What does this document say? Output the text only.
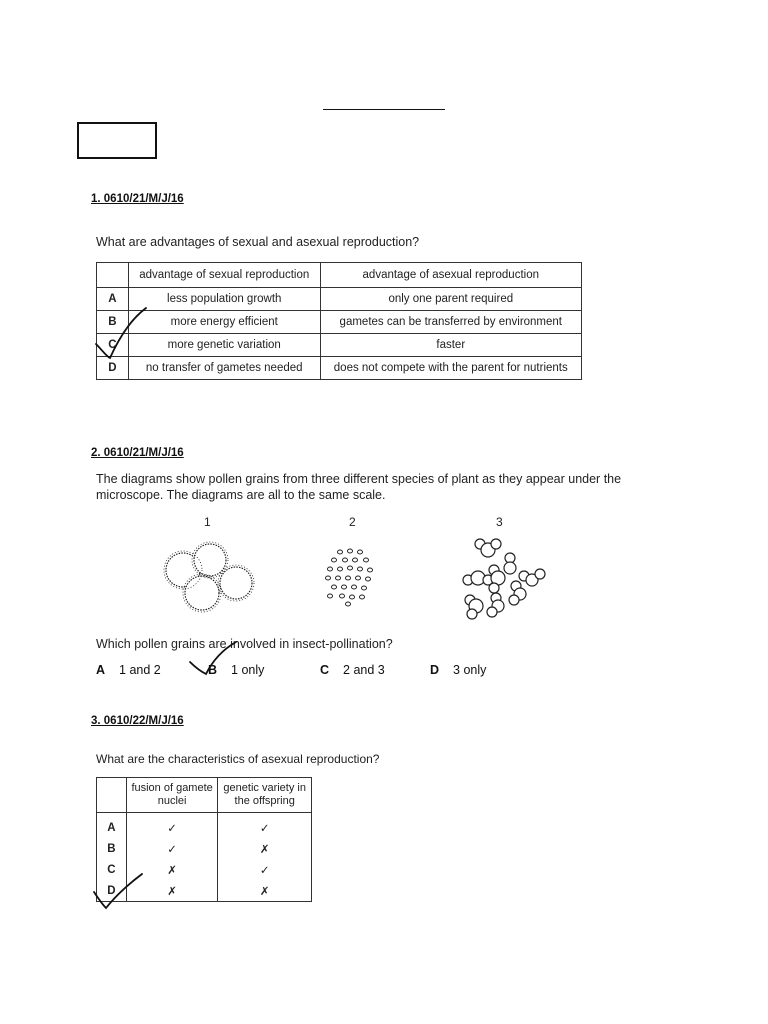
1. 0610/21/M/J/16
What are advantages of sexual and asexual reproduction?
	advantage of sexual reproduction	advantage of asexual reproduction
A	less population growth	only one parent required
B	more energy efficient	gametes can be transferred by environment
C	more genetic variation	faster
D	no transfer of gametes needed	does not compete with the parent for nutrients
2. 0610/21/M/J/16
The diagrams show pollen grains from three different species of plant as they appear under the
microscope. The diagrams are all to the same scale.
1	2	3
Which pollen grains are involved in insect-pollination?
A 1 and 2	B 1 only	C 2 and 3	D 3 only
3. 0610/22/M/J/16
What are the characteristics of asexual reproduction?
	fusion of gamete nuclei	genetic variety in the offspring
A	✓	✓
B	✓	✗
C	✗	✓
D	✗	✗
